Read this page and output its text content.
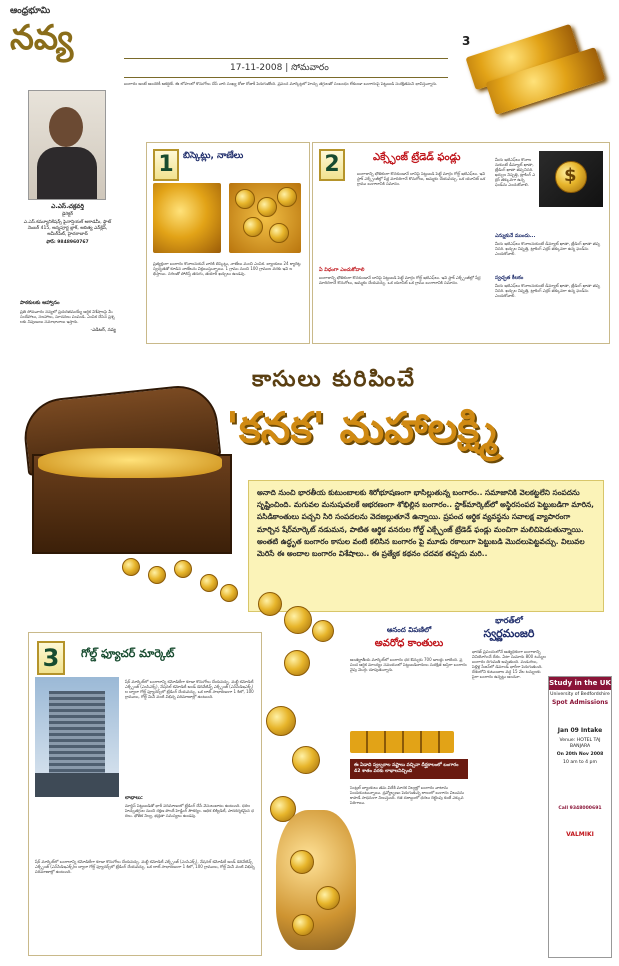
ఆంధ్రభూమి
నవ్య	3
17-11-2008 | సోమవారం
బంగారం అంటే అందరికీ ఆకర్షణే. ఈ లోహంలో కొనుగోలు చేసే వారి సంఖ్య రోజు రోజుకీ పెరుగుతోంది. ప్రపంచ మార్కెట్లలో హెచ్చు తగ్గులతో సంబంధం లేకుండా బంగారంపై పెట్టుబడి సురక్షితమని భావిస్తున్నారు.
ఎ.ఎస్.చక్రవర్తి
డైరెక్టర్
ఎ.ఎస్.కమ్యూనికేషన్స్ ఫైనాన్షియల్ అకాడమీ, ఫ్లాట్ నెంబర్ 415, అన్నపూర్ణ బ్లాక్, ఆదిత్య ఎన్‌క్లేవ్, అమీర్‌పేట్, హైదరాబాద్
ఫోన్: 9848960767
పాఠకులకు ఆహ్వానం
ప్రతి సోమవారం నవ్యలో ప్రచురితమయ్యే ఆర్థిక విశేషాలపై మీ సందేహాలు, సలహాలు, సూచనలు పంపండి. ఎంపిక చేసిన ప్రశ్నలకు నిపుణులు సమాధానాలు ఇస్తారు.
-ఎడిటర్, నవ్య
1	బిస్కెట్లు, నాణేలు
ప్రత్యక్షంగా బంగారం కొనాలనుకునే వారికి బిస్కెట్లు, నాణేలు మంచి ఎంపిక. బ్యాంకులు 24 క్యారెట్ల స్వచ్ఛతతో కూడిన నాణేలను విక్రయిస్తున్నాయి. 1 గ్రాము నుంచి 100 గ్రాముల వరకు ఇవి లభిస్తాయి. నగలతో పోలిస్తే తరుగు, తయారీ ఖర్చులు ఉండవు.
2	ఎక్స్ఛేంజ్ ట్రేడెడ్ ఫండ్లు
బంగారాన్ని భౌతికంగా కొనకుండానే దానిపై పెట్టుబడి పెట్టే మార్గం గోల్డ్ ఇటిఎఫ్‌లు. ఇవి స్టాక్ ఎక్స్ఛేంజీల్లో షేర్ల మాదిరిగానే కొనుగోలు, అమ్మకం చేయవచ్చు. ఒక యూనిట్ ఒక గ్రాము బంగారానికి సమానం.
ఏ విధంగా ఎంచుకోవాలి
బంగారాన్ని భౌతికంగా కొనకుండానే దానిపై పెట్టుబడి పెట్టే మార్గం గోల్డ్ ఇటిఎఫ్‌లు. ఇవి స్టాక్ ఎక్స్ఛేంజీల్లో షేర్ల మాదిరిగానే కొనుగోలు, అమ్మకం చేయవచ్చు. ఒక యూనిట్ ఒక గ్రాము బంగారానికి సమానం.
$
మీరు ఇటిఎఫ్‌లు కొనాలనుకుంటే డీమ్యాట్ ఖాతా, ట్రేడింగ్ ఖాతా తప్పనిసరి. ఖర్చుల నిష్పత్తి, ట్రాకింగ్ ఎర్రర్ తక్కువగా ఉన్న ఫండ్‌ను ఎంచుకోవాలి.
ఎన్నుకునే ముందు...
మీరు ఇటిఎఫ్‌లు కొనాలనుకుంటే డీమ్యాట్ ఖాతా, ట్రేడింగ్ ఖాతా తప్పనిసరి. ఖర్చుల నిష్పత్తి, ట్రాకింగ్ ఎర్రర్ తక్కువగా ఉన్న ఫండ్‌ను ఎంచుకోవాలి.
స్వచ్ఛత కీలకం
మీరు ఇటిఎఫ్‌లు కొనాలనుకుంటే డీమ్యాట్ ఖాతా, ట్రేడింగ్ ఖాతా తప్పనిసరి. ఖర్చుల నిష్పత్తి, ట్రాకింగ్ ఎర్రర్ తక్కువగా ఉన్న ఫండ్‌ను ఎంచుకోవాలి.
కాసులు కురిపించే
'కనక' మహాలక్ష్మి
అనాది నుంచి భారతీయ కుటుంబాలకు శిరోభూషణంగా భాసిల్లుతున్న బంగారం.. సమాజానికి వెలకట్టలేని సంపదను సృష్టించింది. మగువల మనుషువలకే ఆభరణంగా శోభిల్లిన బంగారం.. స్టాక్‌మార్కెట్‌లో అస్థిరసంపద పెట్టుబడిగా మారిన, పసిడికాంతులు పచ్చని సిరి సంపదలను వెదజల్లుతూనే ఉన్నాయి. ప్రపంచ ఆర్థిక వ్యవస్థను సవాలక్ష వ్యాపారంగా మార్చిన షేర్‌మార్కెట్ నడుమన, పాటిత ఆర్థిక వనరుల గోల్డ్ ఎక్స్ఛేంజ్ ట్రేడెడ్ ఫండ్లు మంచిగా మలిచిపెడుతున్నాయి. అంతటి ఉద్ధృత బంగారం కాసుల వంటి కలిసిన బంగారం పై మూడు రకాలుగా పెట్టుబడి మొదలుపెట్టవచ్చు. విలువల మెరిసే ఈ అందాల బంగారం విశేషాలు.. ఈ ప్రత్యేక కథనం చదవక తప్పదు మరి..
3	గోల్డ్ ఫ్యూచర్ మార్కెట్
షేర్ మార్కెట్‌లో బంగారాన్ని కమోడిటీగా కూడా కొనుగోలు చేయవచ్చు. మల్టీ కమోడిటీ ఎక్స్ఛేంజ్ (ఎంసిఎక్స్), నేషనల్ కమోడిటీ అండ్ డెరివేటివ్స్ ఎక్స్ఛేంజ్ (ఎన్‌సిడిఇఎక్స్)ల ద్వారా గోల్డ్ ఫ్యూచర్స్‌లో ట్రేడింగ్ చేయవచ్చు. ఒక లాట్ సాధారణంగా 1 కిలో, 100 గ్రాములు, గోల్డ్ మినీ వంటి విభిన్న పరిమాణాల్లో ఉంటుంది.
లాభాలు:
మార్జిన్ పెట్టుబడితో భారీ పరిమాణంలో ట్రేడింగ్ చేసే వెసులుబాటు ఉంటుంది. ధరల హెచ్చుతగ్గుల నుంచి రక్షణ పొందే హెడ్జింగ్ సౌకర్యం. అధిక లిక్విడిటీ, పారదర్శకమైన ధరలు. భౌతిక నిల్వ, భద్రతా సమస్యలు ఉండవు.
షేర్ మార్కెట్‌లో బంగారాన్ని కమోడిటీగా కూడా కొనుగోలు చేయవచ్చు. మల్టీ కమోడిటీ ఎక్స్ఛేంజ్ (ఎంసిఎక్స్), నేషనల్ కమోడిటీ అండ్ డెరివేటివ్స్ ఎక్స్ఛేంజ్ (ఎన్‌సిడిఇఎక్స్)ల ద్వారా గోల్డ్ ఫ్యూచర్స్‌లో ట్రేడింగ్ చేయవచ్చు. ఒక లాట్ సాధారణంగా 1 కిలో, 100 గ్రాములు, గోల్డ్ మినీ వంటి విభిన్న పరిమాణాల్లో ఉంటుంది.
ఆనంద విపణిలో
అవరోధ కాంతులు
అంతర్జాతీయ మార్కెట్‌లో బంగారం ధర ఔన్సుకు 700 డాలర్లు దాటింది. ప్రపంచ ఆర్థిక మాంద్యం సమయంలో పెట్టుబడిదారులు సురక్షిత ఆస్తిగా బంగారం వైపు మొగ్గు చూపుతున్నారు.
ఈ ఏడాది స్వల్పకాల నష్టాలు వచ్చినా దీర్ఘకాలంలో బంగారం 42 శాతం వరకు లాభాలనిచ్చింది
సెంట్రల్ బ్యాంకులు తమ విదేశీ మారక నిల్వల్లో బంగారం వాటాను పెంచుకుంటున్నాయి. ద్రవ్యోల్బణం పెరుగుతున్న కాలంలో బంగారం విలువను కాపాడే సాధనంగా నిలుస్తుంది. గత దశాబ్దంలో ధరలు రెట్టింపు కంటే ఎక్కువ పెరిగాయి.
భారత్‌లో
స్వర్ణమంజరి
భారత్ ప్రపంచంలోనే అత్యధికంగా బంగారాన్ని వినియోగించే దేశం. ఏటా సుమారు 800 టన్నుల బంగారం దిగుమతి అవుతుంది. పండుగలు, పెళ్లిళ్ల సీజన్‌లో డిమాండ్ భారీగా పెరుగుతుంది. దేశంలోని కుటుంబాల వద్ద 15 వేల టన్నులకు పైగా బంగారం ఉన్నట్లు అంచనా.
Study in the UK
University of Bedfordshire
Spot Admissions
Jan 09 Intake
Venue: HOTEL TAJ BANJARA
On 20th Nov 2008
10 am to 4 pm
Call 9348000691
VALMIKI
